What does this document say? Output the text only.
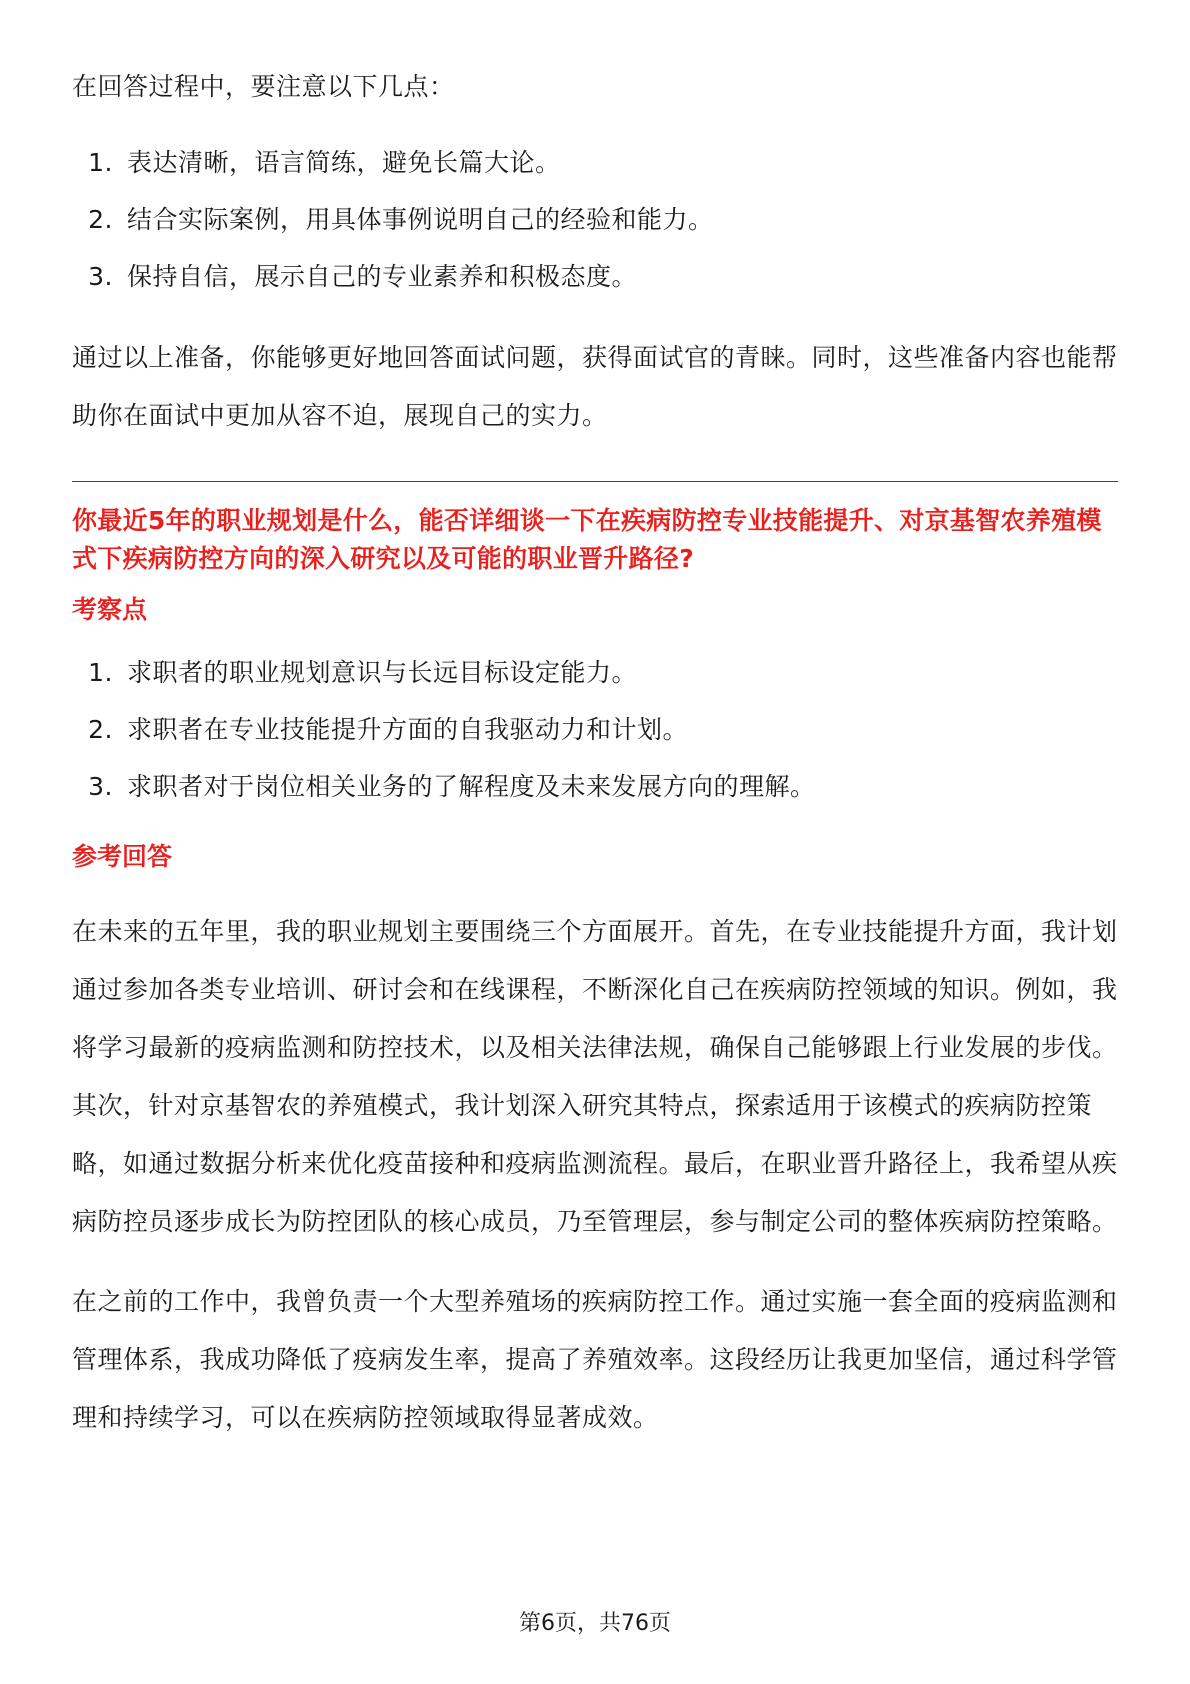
在回答过程中，要注意以下几点：

1. 表达清晰，语言简练，避免长篇大论。
2. 结合实际案例，用具体事例说明自己的经验和能力。
3. 保持自信，展示自己的专业素养和积极态度。

通过以上准备，你能够更好地回答面试问题，获得面试官的青睐。同时，这些准备内容也能帮助你在面试中更加从容不迫，展现自己的实力。

你最近5年的职业规划是什么，能否详细谈一下在疾病防控专业技能提升、对京基智农养殖模式下疾病防控方向的深入研究以及可能的职业晋升路径?

考察点

1. 求职者的职业规划意识与长远目标设定能力。
2. 求职者在专业技能提升方面的自我驱动力和计划。
3. 求职者对于岗位相关业务的了解程度及未来发展方向的理解。

参考回答

在未来的五年里，我的职业规划主要围绕三个方面展开。首先，在专业技能提升方面，我计划通过参加各类专业培训、研讨会和在线课程，不断深化自己在疾病防控领域的知识。例如，我将学习最新的疫病监测和防控技术，以及相关法律法规，确保自己能够跟上行业发展的步伐。其次，针对京基智农的养殖模式，我计划深入研究其特点，探索适用于该模式的疾病防控策略，如通过数据分析来优化疫苗接种和疫病监测流程。最后，在职业晋升路径上，我希望从疾病防控员逐步成长为防控团队的核心成员，乃至管理层，参与制定公司的整体疾病防控策略。

在之前的工作中，我曾负责一个大型养殖场的疾病防控工作。通过实施一套全面的疫病监测和管理体系，我成功降低了疫病发生率，提高了养殖效率。这段经历让我更加坚信，通过科学管理和持续学习，可以在疾病防控领域取得显著成效。

第6页，共76页
